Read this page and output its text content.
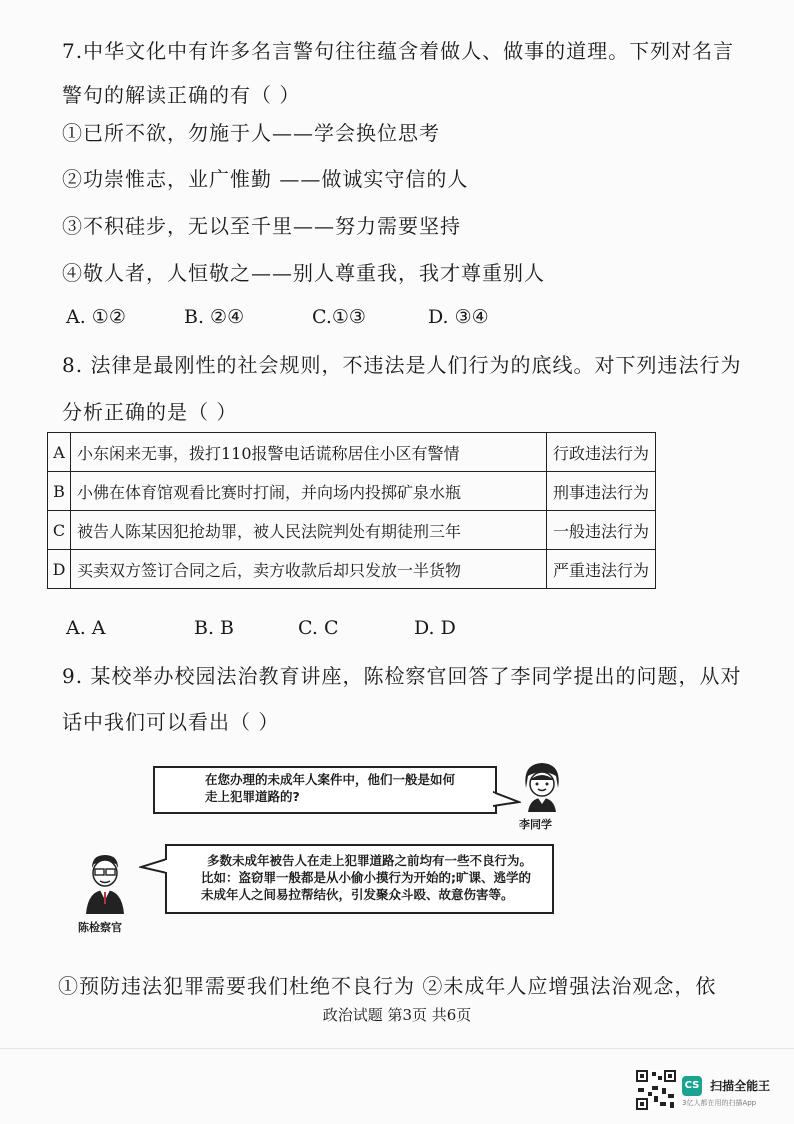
7.中华文化中有许多名言警句往往蕴含着做人、做事的道理。下列对名言
警句的解读正确的有（ ）
①已所不欲，勿施于人——学会换位思考
②功崇惟志，业广惟勤 ——做诚实守信的人
③不积硅步，无以至千里——努力需要坚持
④敬人者，人恒敬之——别人尊重我，我才尊重别人
A. ①②	B. ②④	C.①③	D. ③④
8. 法律是最刚性的社会规则，不违法是人们行为的底线。对下列违法行为
分析正确的是（ ）
A	小东闲来无事，拨打110报警电话谎称居住小区有警情	行政违法行为
B	小佛在体育馆观看比赛时打闹，并向场内投掷矿泉水瓶	刑事违法行为
C	被告人陈某因犯抢劫罪，被人民法院判处有期徒刑三年	一般违法行为
D	买卖双方签订合同之后，卖方收款后却只发放一半货物	严重违法行为
A. A	B. B	C. C	D. D
9. 某校举办校园法治教育讲座，陈检察官回答了李同学提出的问题，从对
话中我们可以看出（ ）
在您办理的未成年人案件中，他们一般是如何
走上犯罪道路的?
李同学
多数未成年被告人在走上犯罪道路之前均有一些不良行为。
比如：盗窃罪一般都是从小偷小摸行为开始的;旷课、逃学的
未成年人之间易拉帮结伙，引发聚众斗殴、故意伤害等。
陈检察官
①预防违法犯罪需要我们杜绝不良行为 ②未成年人应增强法治观念，依
政治试题 第3页 共6页
CS 扫描全能王
3亿人都在用的扫描App
